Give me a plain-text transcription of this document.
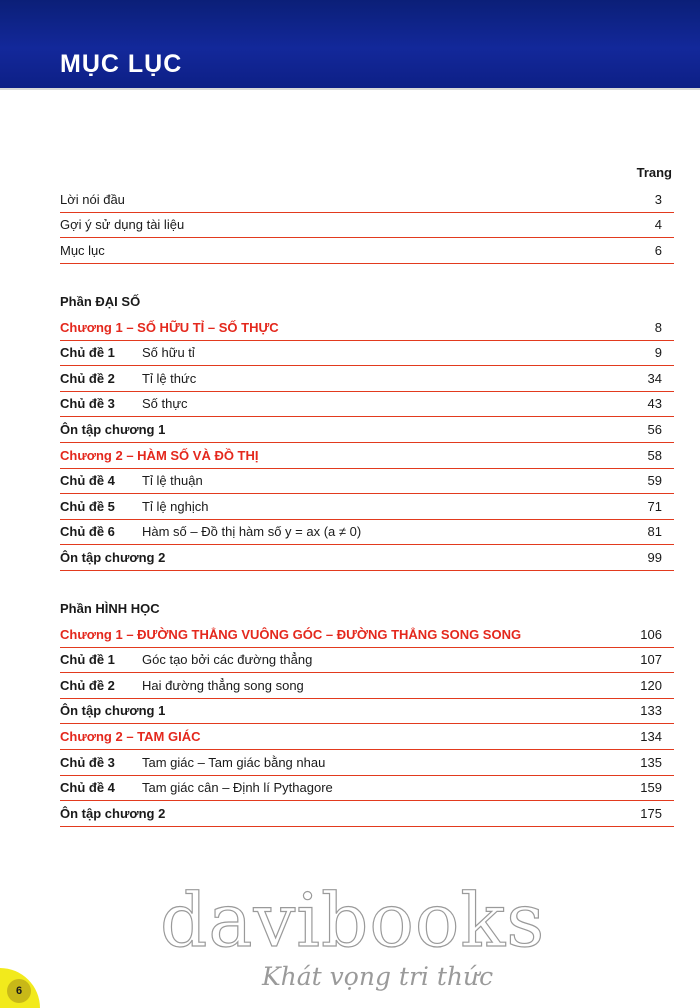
MỤC LỤC
Trang
Lời nói đầu	3
Gợi ý sử dụng tài liệu	4
Mục lục	6
Phần ĐẠI SỐ
Chương 1 – SỐ HỮU TỈ – SỐ THỰC	8
Chủ đề 1 Số hữu tỉ	9
Chủ đề 2 Tỉ lệ thức	34
Chủ đề 3 Số thực	43
Ôn tập chương 1	56
Chương 2 – HÀM SỐ VÀ ĐỒ THỊ	58
Chủ đề 4 Tỉ lệ thuận	59
Chủ đề 5 Tỉ lệ nghịch	71
Chủ đề 6 Hàm số – Đồ thị hàm số y = ax (a ≠ 0)	81
Ôn tập chương 2	99
Phần HÌNH HỌC
Chương 1 – ĐƯỜNG THẲNG VUÔNG GÓC – ĐƯỜNG THẲNG SONG SONG	106
Chủ đề 1 Góc tạo bởi các đường thẳng	107
Chủ đề 2 Hai đường thẳng song song	120
Ôn tập chương 1	133
Chương 2 – TAM GIÁC	134
Chủ đề 3 Tam giác – Tam giác bằng nhau	135
Chủ đề 4 Tam giác cân – Định lí Pythagore	159
Ôn tập chương 2	175
davibooks
Khát vọng tri thức
6
